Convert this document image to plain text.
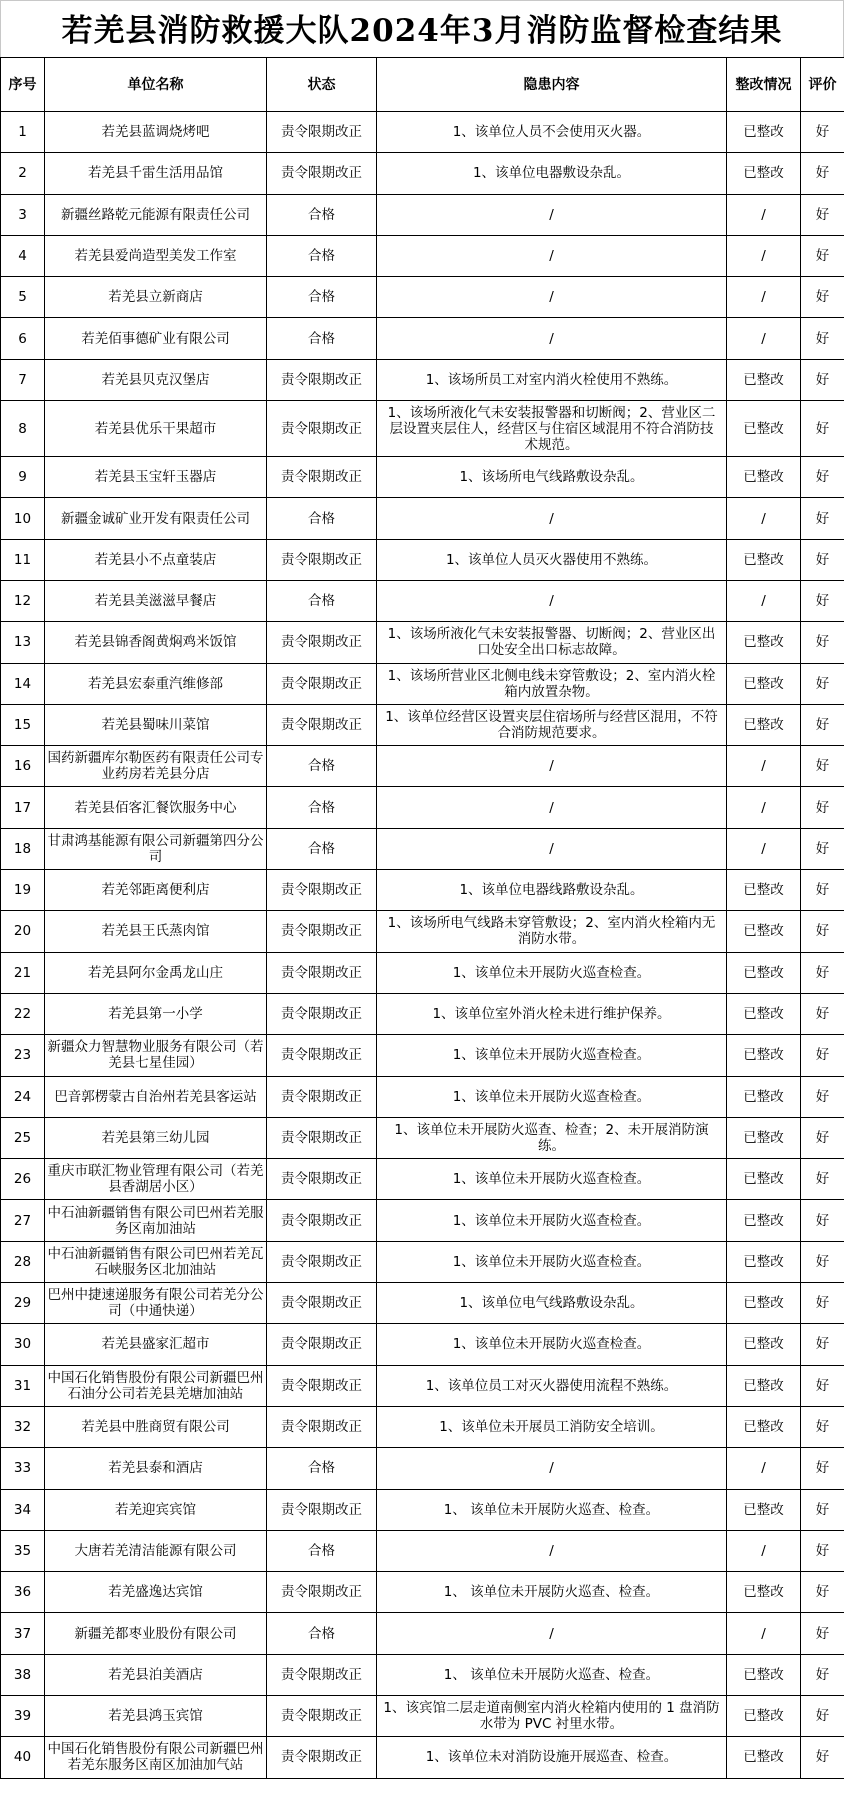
若羌县消防救援大队2024年3月消防监督检查结果
序号	单位名称	状态	隐患内容	整改情况	评价

1	若羌县蓝调烧烤吧	责令限期改正	1、该单位人员不会使用灭火器。	已整改	好

2	若羌县千雷生活用品馆	责令限期改正	1、该单位电器敷设杂乱。	已整改	好

3	新疆丝路乾元能源有限责任公司	合格	/	/	好

4	若羌县爱尚造型美发工作室	合格	/	/	好

5	若羌县立新商店	合格	/	/	好

6	若羌佰事德矿业有限公司	合格	/	/	好

7	若羌县贝克汉堡店	责令限期改正	1、该场所员工对室内消火栓使用不熟练。	已整改	好

8	若羌县优乐干果超市	责令限期改正	1、该场所液化气未安装报警器和切断阀；2、营业区二层设置夹层住人，经营区与住宿区域混用不符合消防技术规范。	已整改	好

9	若羌县玉宝轩玉器店	责令限期改正	1、该场所电气线路敷设杂乱。	已整改	好

10	新疆金诚矿业开发有限责任公司	合格	/	/	好

11	若羌县小不点童装店	责令限期改正	1、该单位人员灭火器使用不熟练。	已整改	好

12	若羌县美滋滋早餐店	合格	/	/	好

13	若羌县锦香阁黄焖鸡米饭馆	责令限期改正	1、该场所液化气未安装报警器、切断阀；2、营业区出口处安全出口标志故障。	已整改	好

14	若羌县宏泰重汽维修部	责令限期改正	1、该场所营业区北侧电线未穿管敷设；2、室内消火栓箱内放置杂物。	已整改	好

15	若羌县蜀味川菜馆	责令限期改正	1、该单位经营区设置夹层住宿场所与经营区混用，不符合消防规范要求。	已整改	好

16	国药新疆库尔勒医药有限责任公司专业药房若羌县分店	合格	/	/	好

17	若羌县佰客汇餐饮服务中心	合格	/	/	好

18	甘肃鸿基能源有限公司新疆第四分公司	合格	/	/	好

19	若羌邻距离便利店	责令限期改正	1、该单位电器线路敷设杂乱。	已整改	好

20	若羌县王氏蒸肉馆	责令限期改正	1、该场所电气线路未穿管敷设；2、室内消火栓箱内无消防水带。	已整改	好

21	若羌县阿尔金禹龙山庄	责令限期改正	1、该单位未开展防火巡查检查。	已整改	好

22	若羌县第一小学	责令限期改正	1、该单位室外消火栓未进行维护保养。	已整改	好

23	新疆众力智慧物业服务有限公司（若羌县七星佳园）	责令限期改正	1、该单位未开展防火巡查检查。	已整改	好

24	巴音郭楞蒙古自治州若羌县客运站	责令限期改正	1、该单位未开展防火巡查检查。	已整改	好

25	若羌县第三幼儿园	责令限期改正	1、该单位未开展防火巡查、检查；2、未开展消防演练。	已整改	好

26	重庆市联汇物业管理有限公司（若羌县香湖居小区）	责令限期改正	1、该单位未开展防火巡查检查。	已整改	好

27	中石油新疆销售有限公司巴州若羌服务区南加油站	责令限期改正	1、该单位未开展防火巡查检查。	已整改	好

28	中石油新疆销售有限公司巴州若羌瓦石峡服务区北加油站	责令限期改正	1、该单位未开展防火巡查检查。	已整改	好

29	巴州中捷速递服务有限公司若羌分公司（中通快递）	责令限期改正	1、该单位电气线路敷设杂乱。	已整改	好

30	若羌县盛家汇超市	责令限期改正	1、该单位未开展防火巡查检查。	已整改	好

31	中国石化销售股份有限公司新疆巴州石油分公司若羌县羌塘加油站	责令限期改正	1、该单位员工对灭火器使用流程不熟练。	已整改	好

32	若羌县中胜商贸有限公司	责令限期改正	1、该单位未开展员工消防安全培训。	已整改	好

33	若羌县泰和酒店	合格	/	/	好

34	若羌迎宾宾馆	责令限期改正	1、 该单位未开展防火巡查、检查。	已整改	好

35	大唐若羌清洁能源有限公司	合格	/	/	好

36	若羌盛逸达宾馆	责令限期改正	1、 该单位未开展防火巡查、检查。	已整改	好

37	新疆羌都枣业股份有限公司	合格	/	/	好

38	若羌县泊美酒店	责令限期改正	1、 该单位未开展防火巡查、检查。	已整改	好

39	若羌县鸿玉宾馆	责令限期改正	1、该宾馆二层走道南侧室内消火栓箱内使用的 1 盘消防水带为 PVC 衬里水带。	已整改	好

40	中国石化销售股份有限公司新疆巴州若羌东服务区南区加油加气站	责令限期改正	1、该单位未对消防设施开展巡查、检查。	已整改	好
